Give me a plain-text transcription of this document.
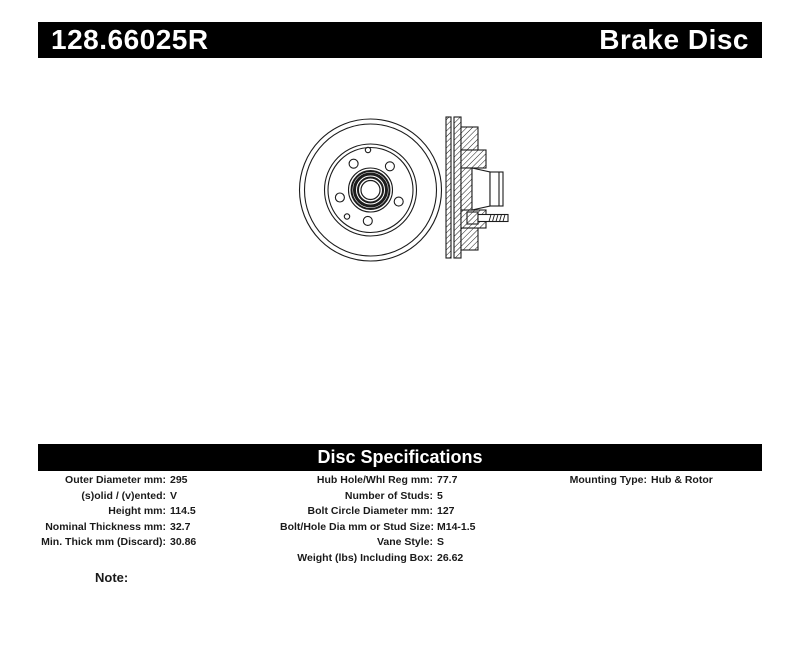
128.66025R	Brake Disc
Disc Specifications
Outer Diameter mm: 295
(s)olid / (v)ented: V
Height mm: 114.5
Nominal Thickness mm: 32.7
Min. Thick mm (Discard): 30.86
Hub Hole/Whl Reg mm: 77.7
Number of Studs: 5
Bolt Circle Diameter mm: 127
Bolt/Hole Dia mm or Stud Size: M14-1.5
Vane Style: S
Weight (lbs) Including Box: 26.62
Mounting Type: Hub & Rotor
Note:
